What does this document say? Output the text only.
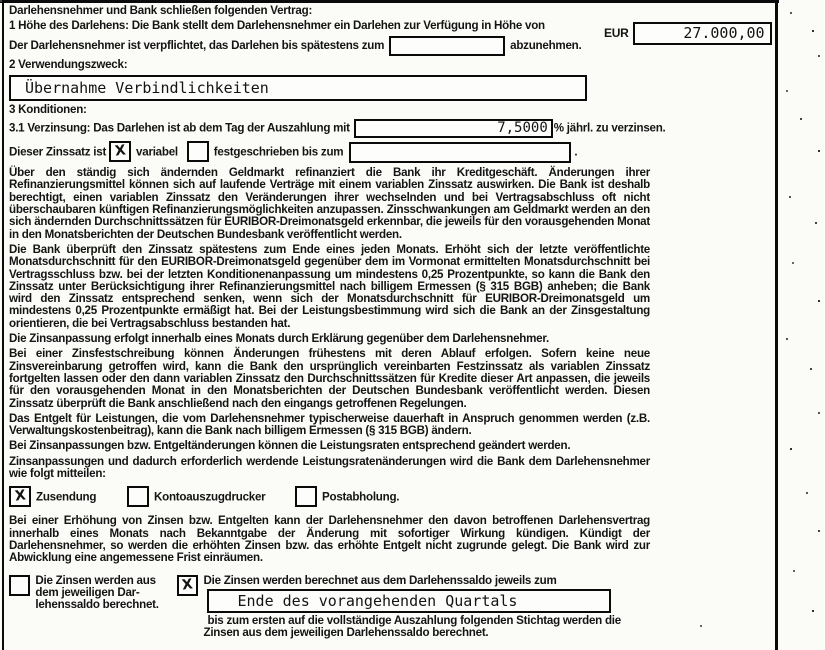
EUR	27.000,00
Darlehensnehmer und Bank schließen folgenden Vertrag:
1 Höhe des Darlehens: Die Bank stellt dem Darlehensnehmer ein Darlehen zur Verfügung in Höhe von
Der Darlehensnehmer ist verpflichtet, das Darlehen bis spätestens zum	abzunehmen.
2 Verwendungszweck:
Übernahme Verbindlichkeiten
3 Konditionen:
3.1 Verzinsung: Das Darlehen ist ab dem Tag der Auszahlung mit	7,5000 % jährl. zu verzinsen.
Dieser Zinssatz ist X variabel	festgeschrieben bis zum	.

Über den ständig sich ändernden Geldmarkt refinanziert die Bank ihr Kreditgeschäft. Änderungen ihrer Refinanzierungsmittel können sich auf laufende Verträge mit einem variablen Zinssatz auswirken. Die Bank ist deshalb berechtigt, einen variablen Zinssatz den Veränderungen ihrer wechselnden und bei Vertragsabschluss oft nicht überschaubaren künftigen Refinanzierungsmöglichkeiten anzupassen. Zinsschwankungen am Geldmarkt werden an den sich ändernden Durchschnittssätzen für EURIBOR-Dreimonatsgeld erkennbar, die jeweils für den vorausgehenden Monat in den Monatsberichten der Deutschen Bundesbank veröffentlicht werden.

Die Bank überprüft den Zinssatz spätestens zum Ende eines jeden Monats. Erhöht sich der letzte veröffentlichte Monatsdurchschnitt für den EURIBOR-Dreimonatsgeld gegenüber dem im Vormonat ermittelten Monatsdurchschnitt bei Vertragsschluss bzw. bei der letzten Konditionenanpassung um mindestens 0,25 Prozentpunkte, so kann die Bank den Zinssatz unter Berücksichtigung ihrer Refinanzierungsmittel nach billigem Ermessen (§ 315 BGB) anheben; die Bank wird den Zinssatz entsprechend senken, wenn sich der Monatsdurchschnitt für EURIBOR-Dreimonatsgeld um mindestens 0,25 Prozentpunkte ermäßigt hat. Bei der Leistungsbestimmung wird sich die Bank an der Zinsgestaltung orientieren, die bei Vertragsabschluss bestanden hat.

Die Zinsanpassung erfolgt innerhalb eines Monats durch Erklärung gegenüber dem Darlehensnehmer.

Bei einer Zinsfestschreibung können Änderungen frühestens mit deren Ablauf erfolgen. Sofern keine neue Zinsvereinbarung getroffen wird, kann die Bank den ursprünglich vereinbarten Festzinssatz als variablen Zinssatz fortgelten lassen oder den dann variablen Zinssatz den Durchschnittssätzen für Kredite dieser Art anpassen, die jeweils für den vorausgehenden Monat in den Monatsberichten der Deutschen Bundesbank veröffentlicht werden. Diesen Zinssatz überprüft die Bank anschließend nach den eingangs getroffenen Regelungen.

Das Entgelt für Leistungen, die vom Darlehensnehmer typischerweise dauerhaft in Anspruch genommen werden (z.B. Verwaltungskostenbeitrag), kann die Bank nach billigem Ermessen (§ 315 BGB) ändern.

Bei Zinsanpassungen bzw. Entgeltänderungen können die Leistungsraten entsprechend geändert werden.

Zinsanpassungen und dadurch erforderlich werdende Leistungsratenänderungen wird die Bank dem Darlehensnehmer wie folgt mitteilen:

X Zusendung	Kontoauszugdrucker	Postabholung.

Bei einer Erhöhung von Zinsen bzw. Entgelten kann der Darlehensnehmer den davon betroffenen Darlehensvertrag innerhalb eines Monats nach Bekanntgabe der Änderung mit sofortiger Wirkung kündigen. Kündigt der Darlehensnehmer, so werden die erhöhten Zinsen bzw. das erhöhte Entgelt nicht zugrunde gelegt. Die Bank wird zur Abwicklung eine angemessene Frist einräumen.

Die Zinsen werden aus dem jeweiligen Dar-lehenssaldo berechnet.
X Die Zinsen werden berechnet aus dem Darlehenssaldo jeweils zum
Ende des vorangehenden Quartals
bis zum ersten auf die vollständige Auszahlung folgenden Stichtag werden die Zinsen aus dem jeweiligen Darlehenssaldo berechnet.
